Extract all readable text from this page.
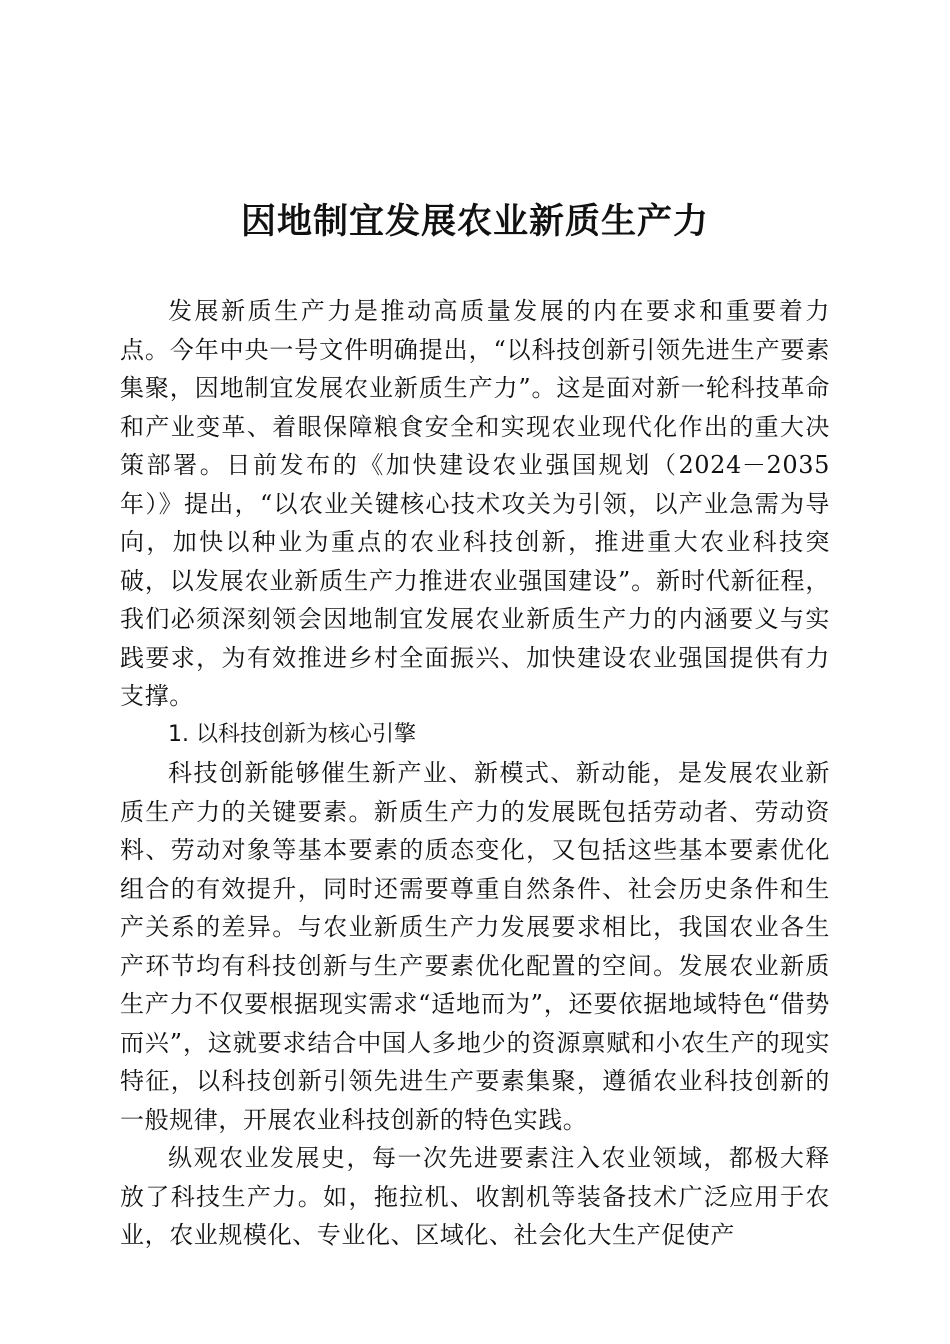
因地制宜发展农业新质生产力

发展新质生产力是推动高质量发展的内在要求和重要着力点。今年中央一号文件明确提出，“以科技创新引领先进生产要素集聚，因地制宜发展农业新质生产力”。这是面对新一轮科技革命和产业变革、着眼保障粮食安全和实现农业现代化作出的重大决策部署。日前发布的《加快建设农业强国规划（2024－2035年）》提出，“以农业关键核心技术攻关为引领，以产业急需为导向，加快以种业为重点的农业科技创新，推进重大农业科技突破，以发展农业新质生产力推进农业强国建设”。新时代新征程，我们必须深刻领会因地制宜发展农业新质生产力的内涵要义与实践要求，为有效推进乡村全面振兴、加快建设农业强国提供有力支撑。

1. 以科技创新为核心引擎

科技创新能够催生新产业、新模式、新动能，是发展农业新质生产力的关键要素。新质生产力的发展既包括劳动者、劳动资料、劳动对象等基本要素的质态变化，又包括这些基本要素优化组合的有效提升，同时还需要尊重自然条件、社会历史条件和生产关系的差异。与农业新质生产力发展要求相比，我国农业各生产环节均有科技创新与生产要素优化配置的空间。发展农业新质生产力不仅要根据现实需求“适地而为”，还要依据地域特色“借势而兴”，这就要求结合中国人多地少的资源禀赋和小农生产的现实特征，以科技创新引领先进生产要素集聚，遵循农业科技创新的一般规律，开展农业科技创新的特色实践。

纵观农业发展史，每一次先进要素注入农业领域，都极大释放了科技生产力。如，拖拉机、收割机等装备技术广泛应用于农业，农业规模化、专业化、区域化、社会化大生产促使产
